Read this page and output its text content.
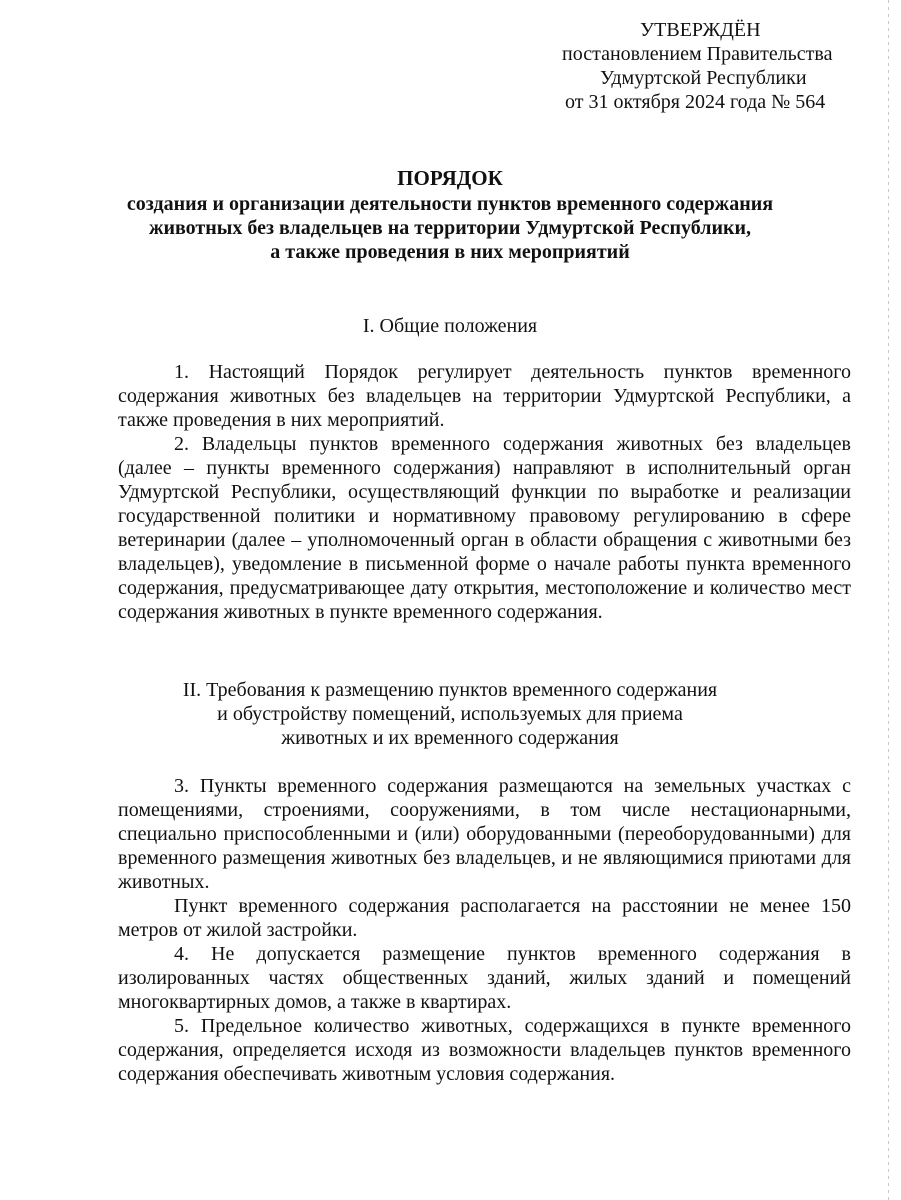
УТВЕРЖДЁН
постановлением Правительства
Удмуртской Республики
от 31 октября 2024 года № 564
ПОРЯДОК
создания и организации деятельности пунктов временного содержания
животных без владельцев на территории Удмуртской Республики,
а также проведения в них мероприятий
I. Общие положения
1. Настоящий Порядок регулирует деятельность пунктов временного содержания животных без владельцев на территории Удмуртской Республики, а также проведения в них мероприятий.
2. Владельцы пунктов временного содержания животных без владельцев (далее – пункты временного содержания) направляют в исполнительный орган Удмуртской Республики, осуществляющий функции по выработке и реализации государственной политики и нормативному правовому регулированию в сфере ветеринарии (далее – уполномоченный орган в области обращения с животными без владельцев), уведомление в письменной форме о начале работы пункта временного содержания, предусматривающее дату открытия, местоположение и количество мест содержания животных в пункте временного содержания.
II. Требования к размещению пунктов временного содержания
и обустройству помещений, используемых для приема
животных и их временного содержания
3. Пункты временного содержания размещаются на земельных участках с помещениями, строениями, сооружениями, в том числе нестационарными, специально приспособленными и (или) оборудованными (переоборудованными) для временного размещения животных без владельцев, и не являющимися приютами для животных.
Пункт временного содержания располагается на расстоянии не менее 150 метров от жилой застройки.
4. Не допускается размещение пунктов временного содержания в изолированных частях общественных зданий, жилых зданий и помещений многоквартирных домов, а также в квартирах.
5. Предельное количество животных, содержащихся в пункте временного содержания, определяется исходя из возможности владельцев пунктов временного содержания обеспечивать животным условия содержания.
